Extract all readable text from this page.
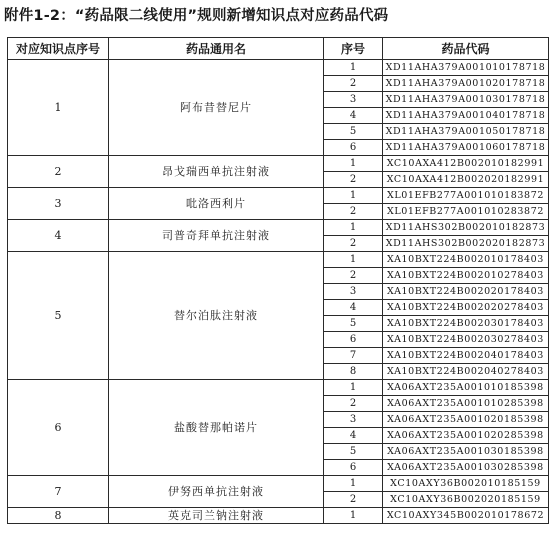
附件1-2：“药品限二线使用”规则新增知识点对应药品代码
对应知识点序号	药品通用名	序号	药品代码
1	阿布昔替尼片	1	XD11AHA379A001010178718
		2	XD11AHA379A001020178718
		3	XD11AHA379A001030178718
		4	XD11AHA379A001040178718
		5	XD11AHA379A001050178718
		6	XD11AHA379A001060178718
2	昂戈瑞西单抗注射液	1	XC10AXA412B002010182991
		2	XC10AXA412B002020182991
3	吡洛西利片	1	XL01EFB277A001010183872
		2	XL01EFB277A001010283872
4	司普奇拜单抗注射液	1	XD11AHS302B002010182873
		2	XD11AHS302B002020182873
5	替尔泊肽注射液	1	XA10BXT224B002010178403
		2	XA10BXT224B002010278403
		3	XA10BXT224B002020178403
		4	XA10BXT224B002020278403
		5	XA10BXT224B002030178403
		6	XA10BXT224B002030278403
		7	XA10BXT224B002040178403
		8	XA10BXT224B002040278403
6	盐酸替那帕诺片	1	XA06AXT235A001010185398
		2	XA06AXT235A001010285398
		3	XA06AXT235A001020185398
		4	XA06AXT235A001020285398
		5	XA06AXT235A001030185398
		6	XA06AXT235A001030285398
7	伊努西单抗注射液	1	XC10AXY36B002010185159
		2	XC10AXY36B002020185159
8	英克司兰钠注射液	1	XC10AXY345B002010178672
